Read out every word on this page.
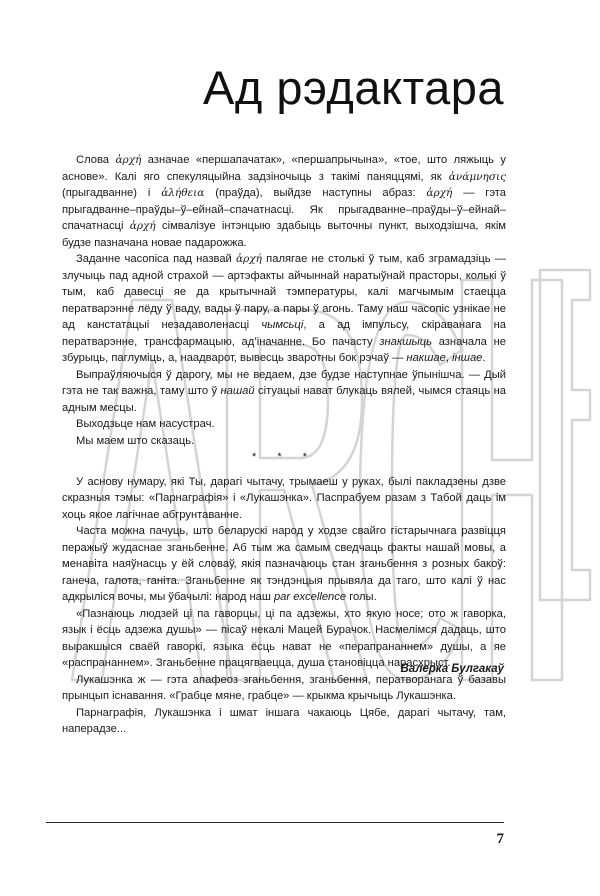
Ад рэдактара

Слова ἀρχή азначае «першапачатак», «першапрычына», «тое, што ляжыць у аснове». Калі яго спекуляцыйна задзіночыць з такімі паняццямі, як ἀνάμνησις (прыгадванне) і ἀλήθεια (праўда), выйдзе наступны абраз: ἀρχή — гэта прыгадванне–праўды–ў–ейнай–спачатнасці. Як прыгадванне–праўды–ў–ейнай–спачатнасці ἀρχή сімвалізуе інтэнцыю здабыць выточны пункт, выходзішча, якім будзе пазначана новае падарожжа.

Заданне часопіса пад назвай ἀρχή палягае не столькі ў тым, каб зграмадзіць — злучыць пад адной страхой — артэфакты айчыннай наратыўнай прасторы, колькі ў тым, каб давесці яе да крытычнай тэмпературы, калі магчымым стаецца ператварэнне лёду ў ваду, вады ў пару, а пары ў агонь. Таму наш часопіс узнікае не ад канстатацыі незадаволенасці чымсьці, а ад імпульсу, скіраванага на ператварэнне, трансфармацыю, ад’іначанне. Бо пачасту знакшыць азначала не збурыць, паглуміць, а, наадварот, вывесць зваротны бок рэчаў — накшае, іншае.

Выпраўляючыся ў дарогу, мы не ведаем, дзе будзе наступнае ўпынішча. — Дый гэта не так важна, таму што ў нашай сітуацыі нават блукаць вялей, чымся стаяць на адным месцы.

Выходзьце нам насустрач.

Мы маем што сказаць.

* * *

У аснову нумару, які Ты, дарагі чытачу, трымаеш у руках, былі пакладзены дзве скразныя тэмы: «Парнаграфія» і «Лукашэнка». Паспрабуем разам з Табой даць ім хоць якое лагічнае абгрунтаванне.

Часта можна пачуць, што беларускі народ у ходзе свайго гістарычнага развіцця перажыў жудаснае зганьбенне. Аб тым жа самым сведчаць факты нашай мовы, а менавіта наяўнасць у ёй словаў, якія пазначаюць стан зганьбення з розных бакоў: ганеча, галота, ганіта. Зганьбенне як тэндэнцыя прывяла да таго, што калі ў нас адкрыліся вочы, мы ўбачылі: народ наш par excellence голы.

«Пазнаюць людзей ці па гаворцы, ці па адзежы, хто якую носе; ото ж гаворка, язык і ёсць адзежа душы» — пісаў некалі Мацей Бурачок. Насмелімся дадаць, што выракшыся сваёй гаворкі, языка ёсць нават не «перапрананнем» душы, а яе «распрананнем». Зганьбенне працягваецца, душа становіцца нарасхрыст.

Лукашэнка ж — гэта апафеоз зганьбення, зганьбення, ператворанага ў базавы прынцып існавання. «Грабце мяне, грабце» — крыкма крычыць Лукашэнка.

Парнаграфія, Лукашэнка і шмат іншага чакаюць Цябе, дарагі чытачу, там, наперадзе...

Валерка Булгакаў
7
